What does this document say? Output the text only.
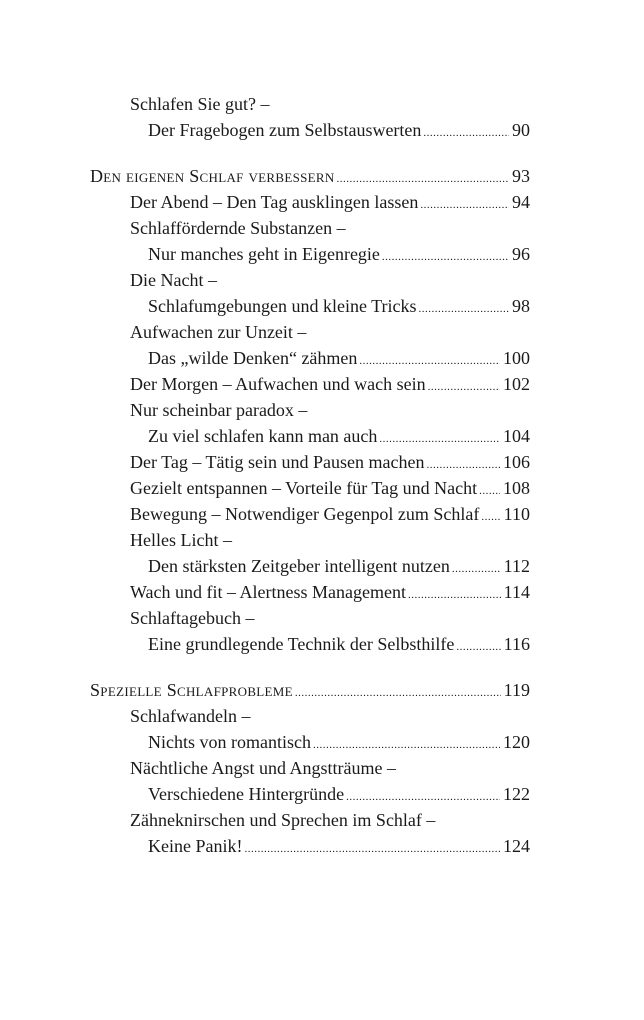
Schlafen Sie gut? –
Der Fragebogen zum Selbstauswerten .....	90
Den eigenen Schlaf verbessern .....	93
Der Abend – Den Tag ausklingen lassen .....	94
Schlaffördernde Substanzen –
Nur manches geht in Eigenregie .....	96
Die Nacht –
Schlafumgebungen und kleine Tricks .....	98
Aufwachen zur Unzeit –
Das „wilde Denken“ zähmen .....	100
Der Morgen – Aufwachen und wach sein .....	102
Nur scheinbar paradox –
Zu viel schlafen kann man auch .....	104
Der Tag – Tätig sein und Pausen machen .....	106
Gezielt entspannen – Vorteile für Tag und Nacht ..... 108
Bewegung – Notwendiger Gegenpol zum Schlaf ..... 110
Helles Licht –
Den stärksten Zeitgeber intelligent nutzen .....	112
Wach und fit – Alertness Management .....	114
Schlaftagebuch –
Eine grundlegende Technik der Selbsthilfe .....	116
Spezielle Schlafprobleme .....	119
Schlafwandeln –
Nichts von romantisch .....	120
Nächtliche Angst und Angstträume –
Verschiedene Hintergründe .....	122
Zähneknirschen und Sprechen im Schlaf –
Keine Panik! .....	124
